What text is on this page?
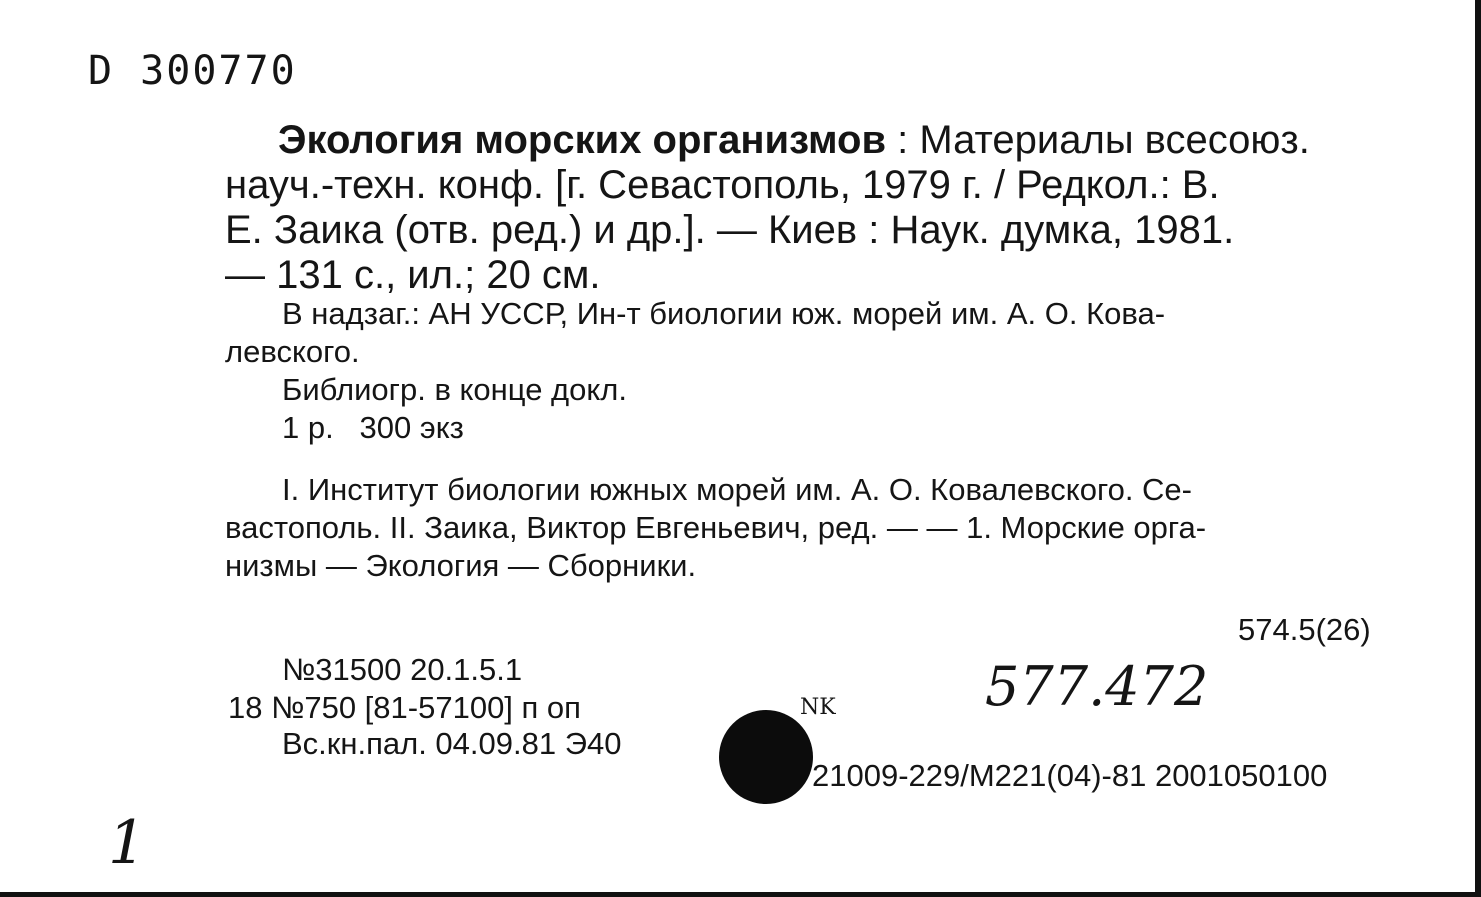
D 300770
Экология морских организмов : Материалы всесоюз.
науч.-техн. конф. [г. Севастополь, 1979 г. / Редкол.: В.
Е. Заика (отв. ред.) и др.]. — Киев : Наук. думка, 1981.
— 131 с., ил.; 20 см.
В надзаг.: АН УССР, Ин-т биологии юж. морей им. А. О. Кова-
левского.
Библиогр. в конце докл.
1 р.   300 экз
I. Институт биологии южных морей им. А. О. Ковалевского. Се-
вастополь. II. Заика, Виктор Евгеньевич, ред. — — 1. Морские орга-
низмы — Экология — Сборники.
574.5(26)
№31500 20.1.5.1
18 №750 [81-57100] п оп
Вс.кн.пал. 04.09.81 Э40
NK	577.472
21009-229/M221(04)-81 2001050100
1
